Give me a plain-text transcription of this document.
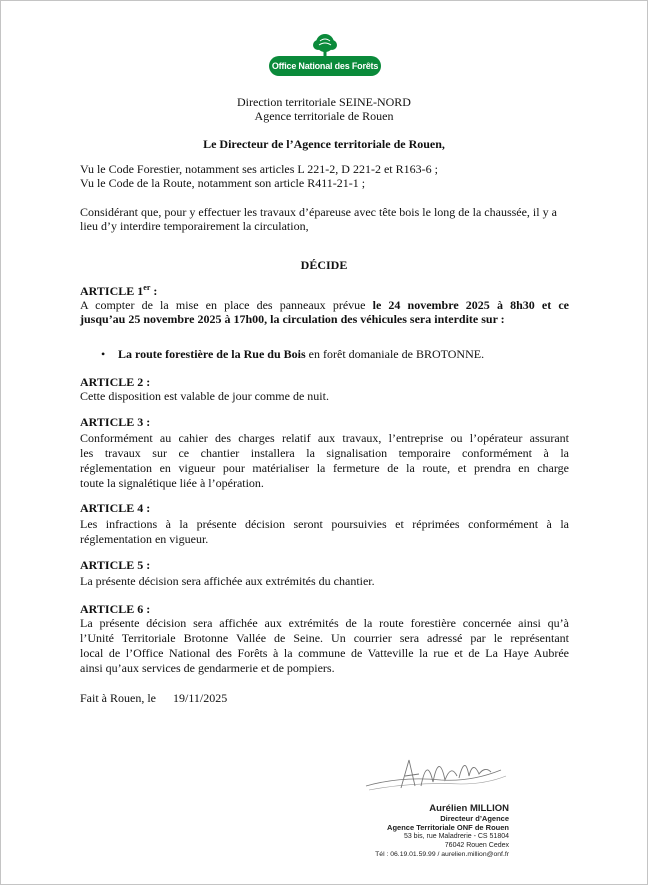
Office National des Forêts
Direction territoriale SEINE-NORD
Agence territoriale de Rouen
Le Directeur de l’Agence territoriale de Rouen,
Vu le Code Forestier, notamment ses articles L 221-2, D 221-2 et R163-6 ;
Vu le Code de la Route, notamment son article R411-21-1 ;
Considérant que, pour y effectuer les travaux d’épareuse avec tête bois le long de la chaussée, il y a
lieu d’y interdire temporairement la circulation,
DÉCIDE
ARTICLE 1er :
A compter de la mise en place des panneaux prévue le 24 novembre 2025 à 8h30 et ce
jusqu’au 25 novembre 2025 à 17h00, la circulation des véhicules sera interdite sur :
• La route forestière de la Rue du Bois en forêt domaniale de BROTONNE.
ARTICLE 2 :
Cette disposition est valable de jour comme de nuit.
ARTICLE 3 :
Conformément au cahier des charges relatif aux travaux, l’entreprise ou l’opérateur assurant
les travaux sur ce chantier installera la signalisation temporaire conformément à la
réglementation en vigueur pour matérialiser la fermeture de la route, et prendra en charge
toute la signalétique liée à l’opération.
ARTICLE 4 :
Les infractions à la présente décision seront poursuivies et réprimées conformément à la
réglementation en vigueur.
ARTICLE 5 :
La présente décision sera affichée aux extrémités du chantier.
ARTICLE 6 :
La présente décision sera affichée aux extrémités de la route forestière concernée ainsi qu’à
l’Unité Territoriale Brotonne Vallée de Seine. Un courrier sera adressé par le représentant
local de l’Office National des Forêts à la commune de Vatteville la rue et de La Haye Aubrée
ainsi qu’aux services de gendarmerie et de pompiers.
Fait à Rouen, le 19/11/2025
Aurélien MILLION
Directeur d’Agence
Agence Territoriale ONF de Rouen
53 bis, rue Maladrerie - CS 51804
76042 Rouen Cedex
Tél : 06.19.01.59.99 / aurelien.million@onf.fr
